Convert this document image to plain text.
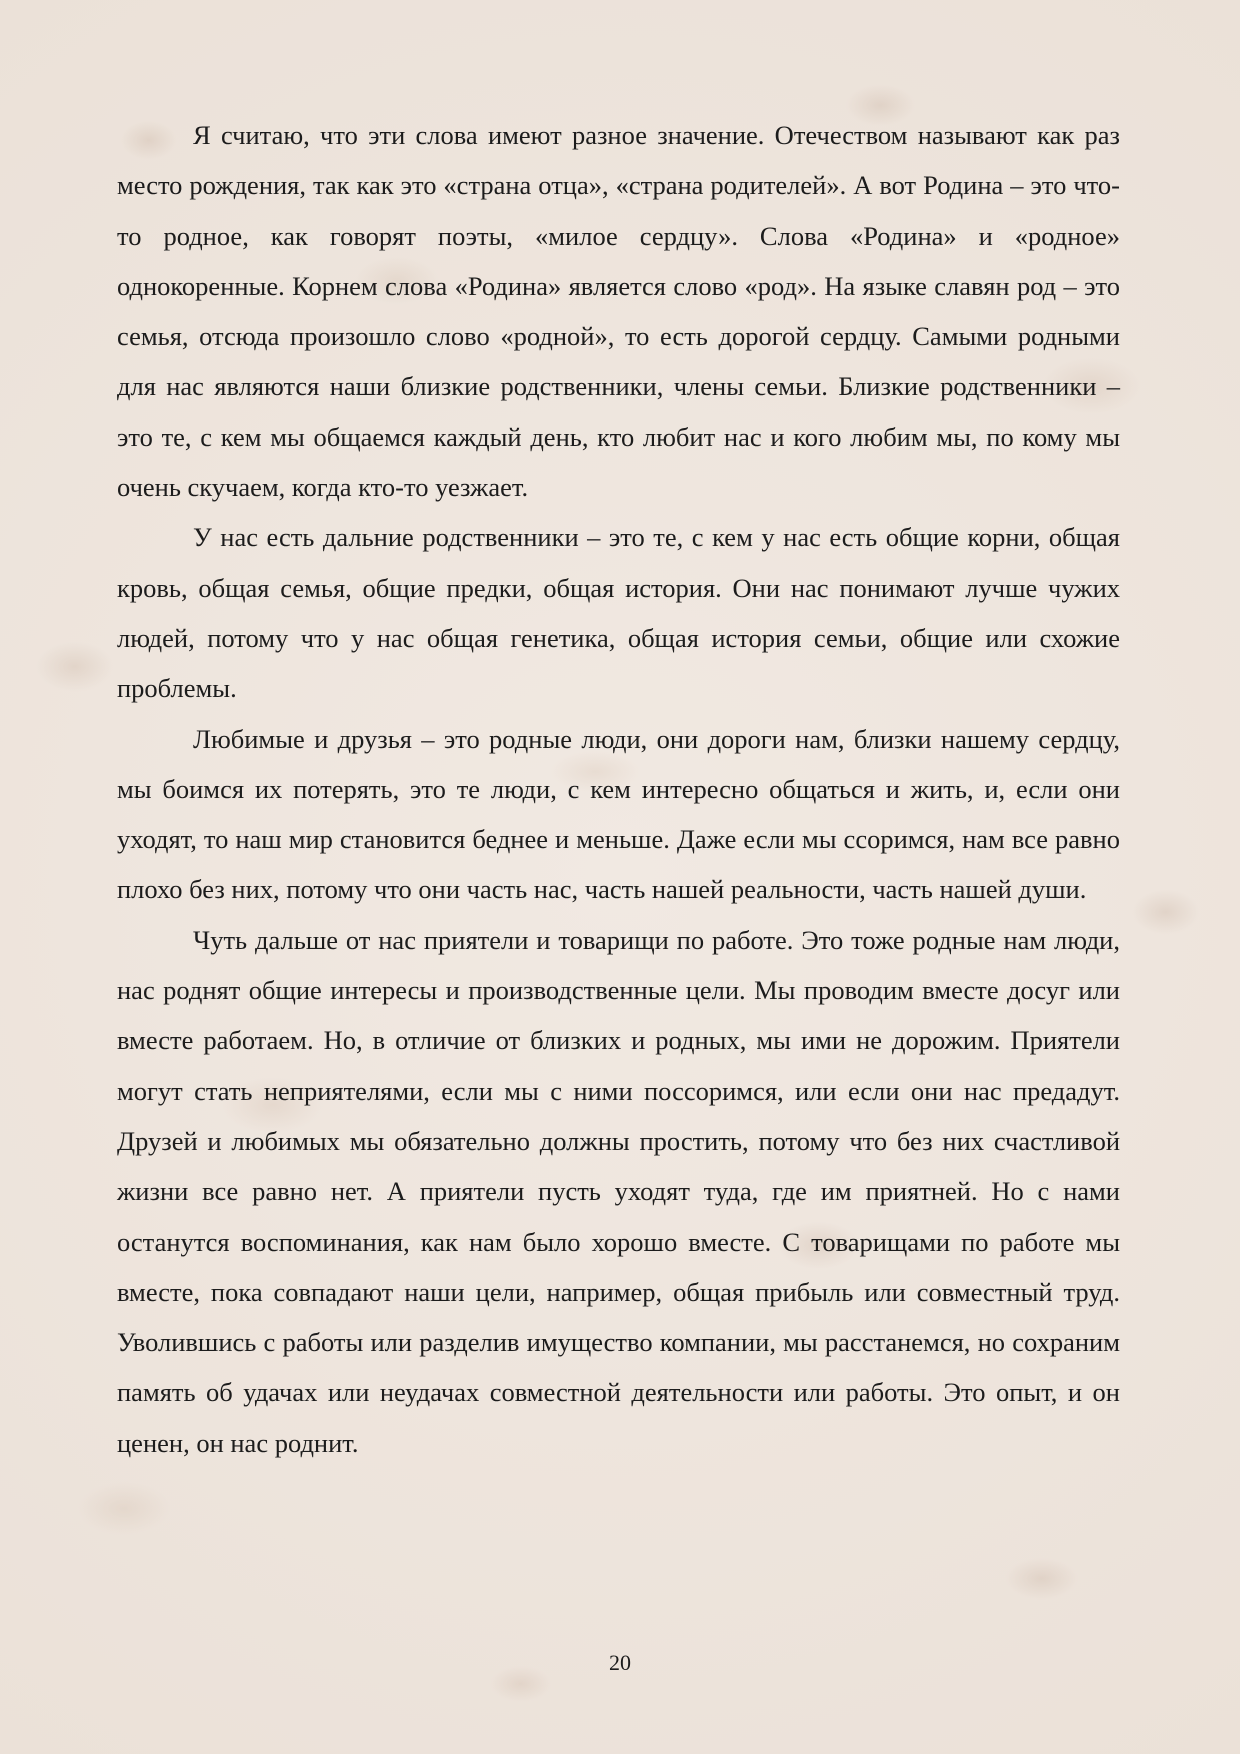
Я считаю, что эти слова имеют разное значение. Отечеством называют как раз место рождения, так как это «страна отца», «страна родителей». А вот Родина – это что-то родное, как говорят поэты, «милое сердцу». Слова «Родина» и «родное» однокоренные. Корнем слова «Родина» является слово «род». На языке славян род – это семья, отсюда произошло слово «родной», то есть дорогой сердцу. Самыми родными для нас являются наши близкие родственники, члены семьи. Близкие родственники – это те, с кем мы общаемся каждый день, кто любит нас и кого любим мы, по кому мы очень скучаем, когда кто-то уезжает.

У нас есть дальние родственники – это те, с кем у нас есть общие корни, общая кровь, общая семья, общие предки, общая история. Они нас понимают лучше чужих людей, потому что у нас общая генетика, общая история семьи, общие или схожие проблемы.

Любимые и друзья – это родные люди, они дороги нам, близки нашему сердцу, мы боимся их потерять, это те люди, с кем интересно общаться и жить, и, если они уходят, то наш мир становится беднее и меньше. Даже если мы ссоримся, нам все равно плохо без них, потому что они часть нас, часть нашей реальности, часть нашей души.

Чуть дальше от нас приятели и товарищи по работе. Это тоже родные нам люди, нас роднят общие интересы и производственные цели. Мы проводим вместе досуг или вместе работаем. Но, в отличие от близких и родных, мы ими не дорожим. Приятели могут стать неприятелями, если мы с ними поссоримся, или если они нас предадут. Друзей и любимых мы обязательно должны простить, потому что без них счастливой жизни все равно нет. А приятели пусть уходят туда, где им приятней. Но с нами останутся воспоминания, как нам было хорошо вместе. С товарищами по работе мы вместе, пока совпадают наши цели, например, общая прибыль или совместный труд. Уволившись с работы или разделив имущество компании, мы расстанемся, но сохраним память об удачах или неудачах совместной деятельности или работы. Это опыт, и он ценен, он нас роднит.

20
